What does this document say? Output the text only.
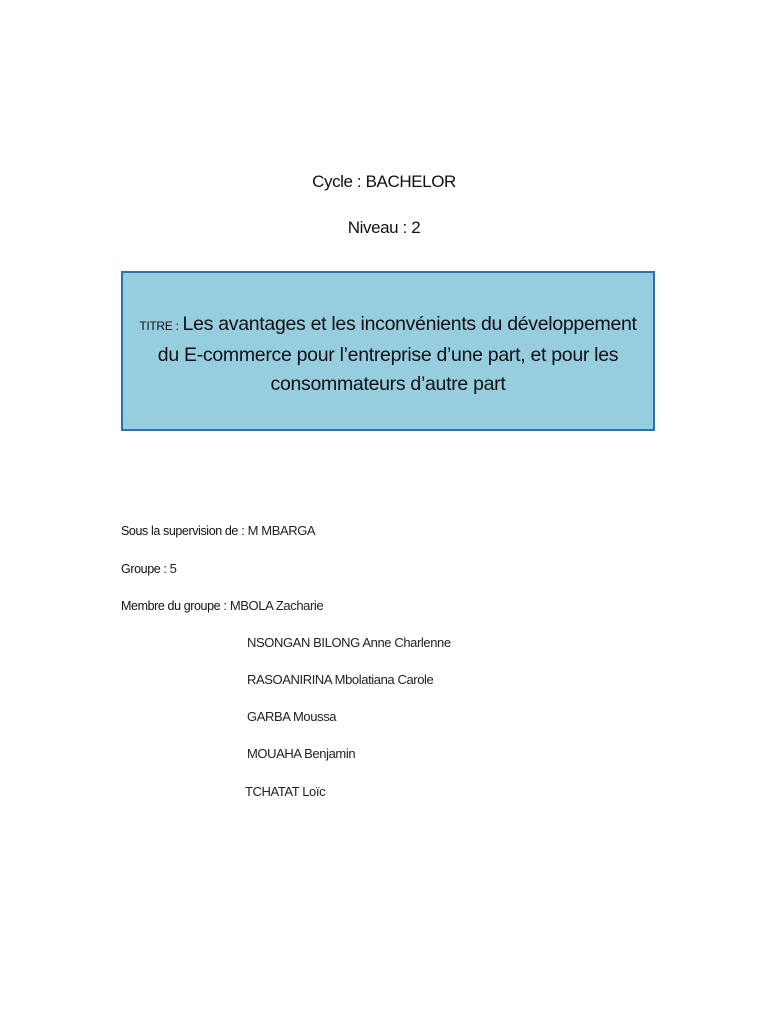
Cycle : BACHELOR
Niveau : 2
TITRE : Les avantages et les inconvénients du développement
du E-commerce pour l’entreprise d’une part, et pour les
consommateurs d’autre part
Sous la supervision de : M MBARGA
Groupe : 5
Membre du groupe : MBOLA Zacharie
NSONGAN BILONG Anne Charlenne
RASOANIRINA Mbolatiana Carole
GARBA Moussa
MOUAHA Benjamin
TCHATAT Loïc
